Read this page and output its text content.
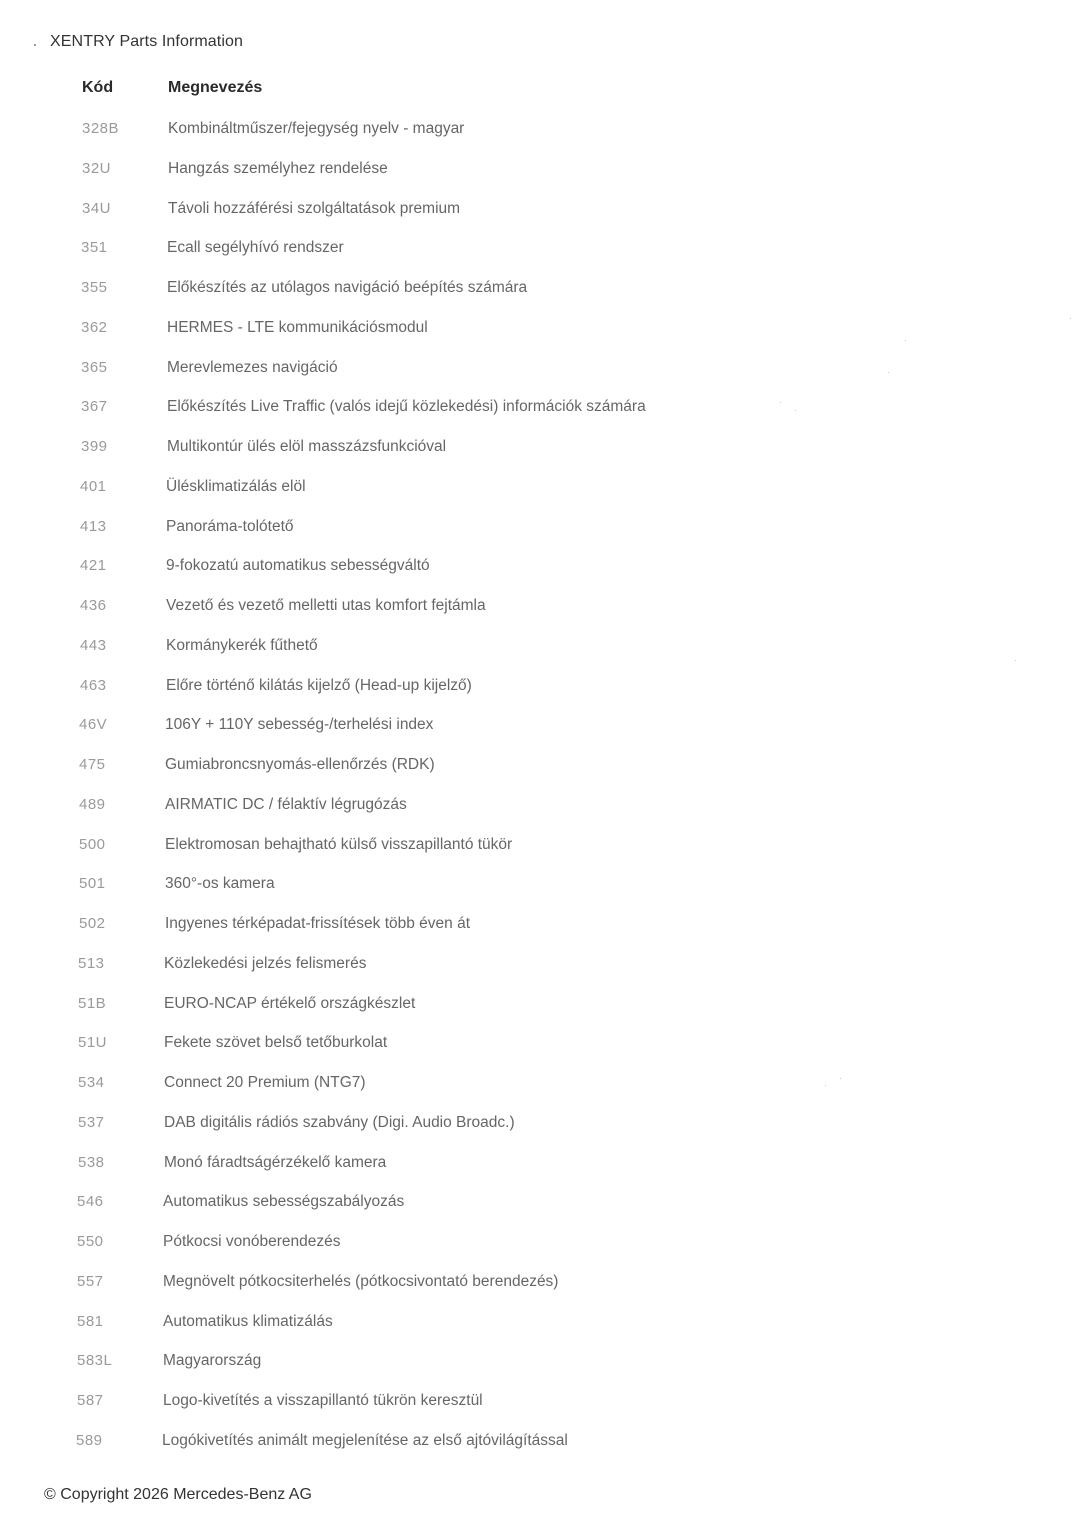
XENTRY Parts Information
Kód	Megnevezés
328B	Kombináltműszer/fejegység nyelv - magyar
32U	Hangzás személyhez rendelése
34U	Távoli hozzáférési szolgáltatások premium
351	Ecall segélyhívó rendszer
355	Előkészítés az utólagos navigáció beépítés számára
362	HERMES - LTE kommunikációsmodul
365	Merevlemezes navigáció
367	Előkészítés Live Traffic (valós idejű közlekedési) információk számára
399	Multikontúr ülés elöl masszázsfunkcióval
401	Ülésklimatizálás elöl
413	Panoráma-tolótető
421	9-fokozatú automatikus sebességváltó
436	Vezető és vezető melletti utas komfort fejtámla
443	Kormánykerék fűthető
463	Előre történő kilátás kijelző (Head-up kijelző)
46V	106Y + 110Y sebesség-/terhelési index
475	Gumiabroncsnyomás-ellenőrzés (RDK)
489	AIRMATIC DC / félaktív légrugózás
500	Elektromosan behajtható külső visszapillantó tükör
501	360°-os kamera
502	Ingyenes térképadat-frissítések több éven át
513	Közlekedési jelzés felismerés
51B	EURO-NCAP értékelő országkészlet
51U	Fekete szövet belső tetőburkolat
534	Connect 20 Premium (NTG7)
537	DAB digitális rádiós szabvány (Digi. Audio Broadc.)
538	Monó fáradtságérzékelő kamera
546	Automatikus sebességszabályozás
550	Pótkocsi vonóberendezés
557	Megnövelt pótkocsiterhelés (pótkocsivontató berendezés)
581	Automatikus klimatizálás
583L	Magyarország
587	Logo-kivetítés a visszapillantó tükrön keresztül
589	Logókivetítés animált megjelenítése az első ajtóvilágítással
© Copyright 2026 Mercedes-Benz AG
